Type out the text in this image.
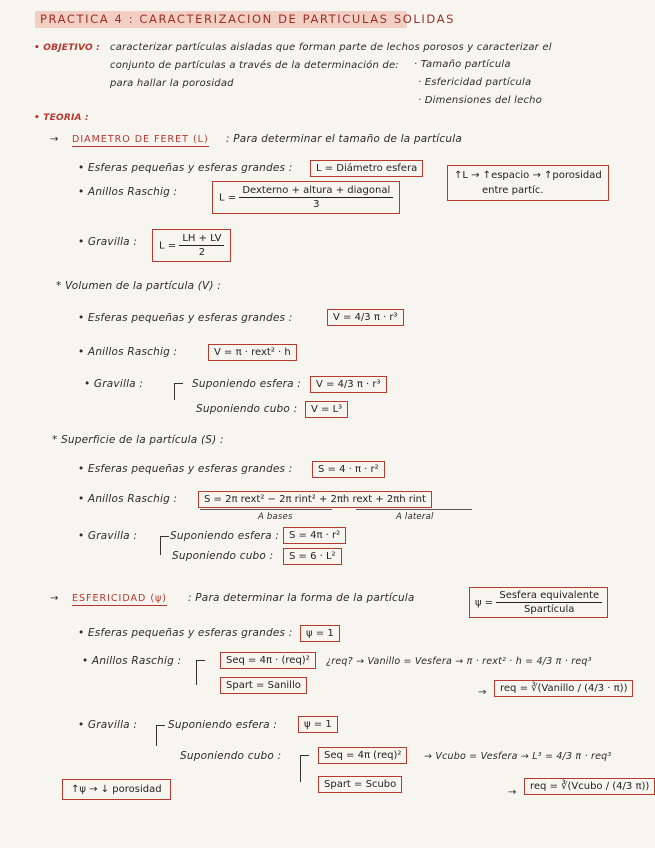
PRACTICA 4 : CARACTERIZACION DE PARTICULAS SOLIDAS
• OBJETIVO : caracterizar partículas aisladas que forman parte de lechos porosos y caracterizar el
conjunto de partículas a través de la determinación de:
para hallar la porosidad
· Tamaño partícula
· Esfericidad partícula
· Dimensiones del lecho
• TEORIA :
→ DIAMETRO DE FERET (L) : Para determinar el tamaño de la partícula
• Esferas pequeñas y esferas grandes :	L = Diámetro esfera
• Anillos Raschig :	$L = \frac{\text{Dexterno + altura + diagonal}}{3}$
↑L → ↑espacio → ↑porosidad
entre partíc.
• Gravilla :	$L = \frac{LH + LV}{2}$
* Volumen de la partícula (V) :
• Esferas pequeñas y esferas grandes :	V = 4/3 π · r³
• Anillos Raschig :	V = π · rext² · h
• Gravilla :	Suponiendo esfera :	V = 4/3 π · r³
Suponiendo cubo :	V = L³
* Superficie de la partícula (S) :
• Esferas pequeñas y esferas grandes :	S = 4 · π · r²
• Anillos Raschig :	S = 2π rext² − 2π rint² + 2πh rext + 2πh rint
A bases	A lateral
• Gravilla :	Suponiendo esfera : S = 4π · r²
Suponiendo cubo :	S = 6 · L²
→ ESFERICIDAD (ψ) : Para determinar la forma de la partícula	$\psi = \frac{\text{Sesfera equivalente}}{\text{Spartícula}}$
• Esferas pequeñas y esferas grandes :	ψ = 1
• Anillos Raschig :	Seq = 4π · (req)²	¿req? → Vanillo = Vesfera → π · rext² · h = 4/3 π · req³
Spart = Sanillo
→	req = ∛(Vanillo / (4/3 · π))
• Gravilla :	Suponiendo esfera :	ψ = 1
Suponiendo cubo :	Seq = 4π (req)²	→ Vcubo = Vesfera → L³ = 4/3 π · req³
Spart = Scubo
→
req = ∛(Vcubo / (4/3 π))
↑ψ → ↓ porosidad
